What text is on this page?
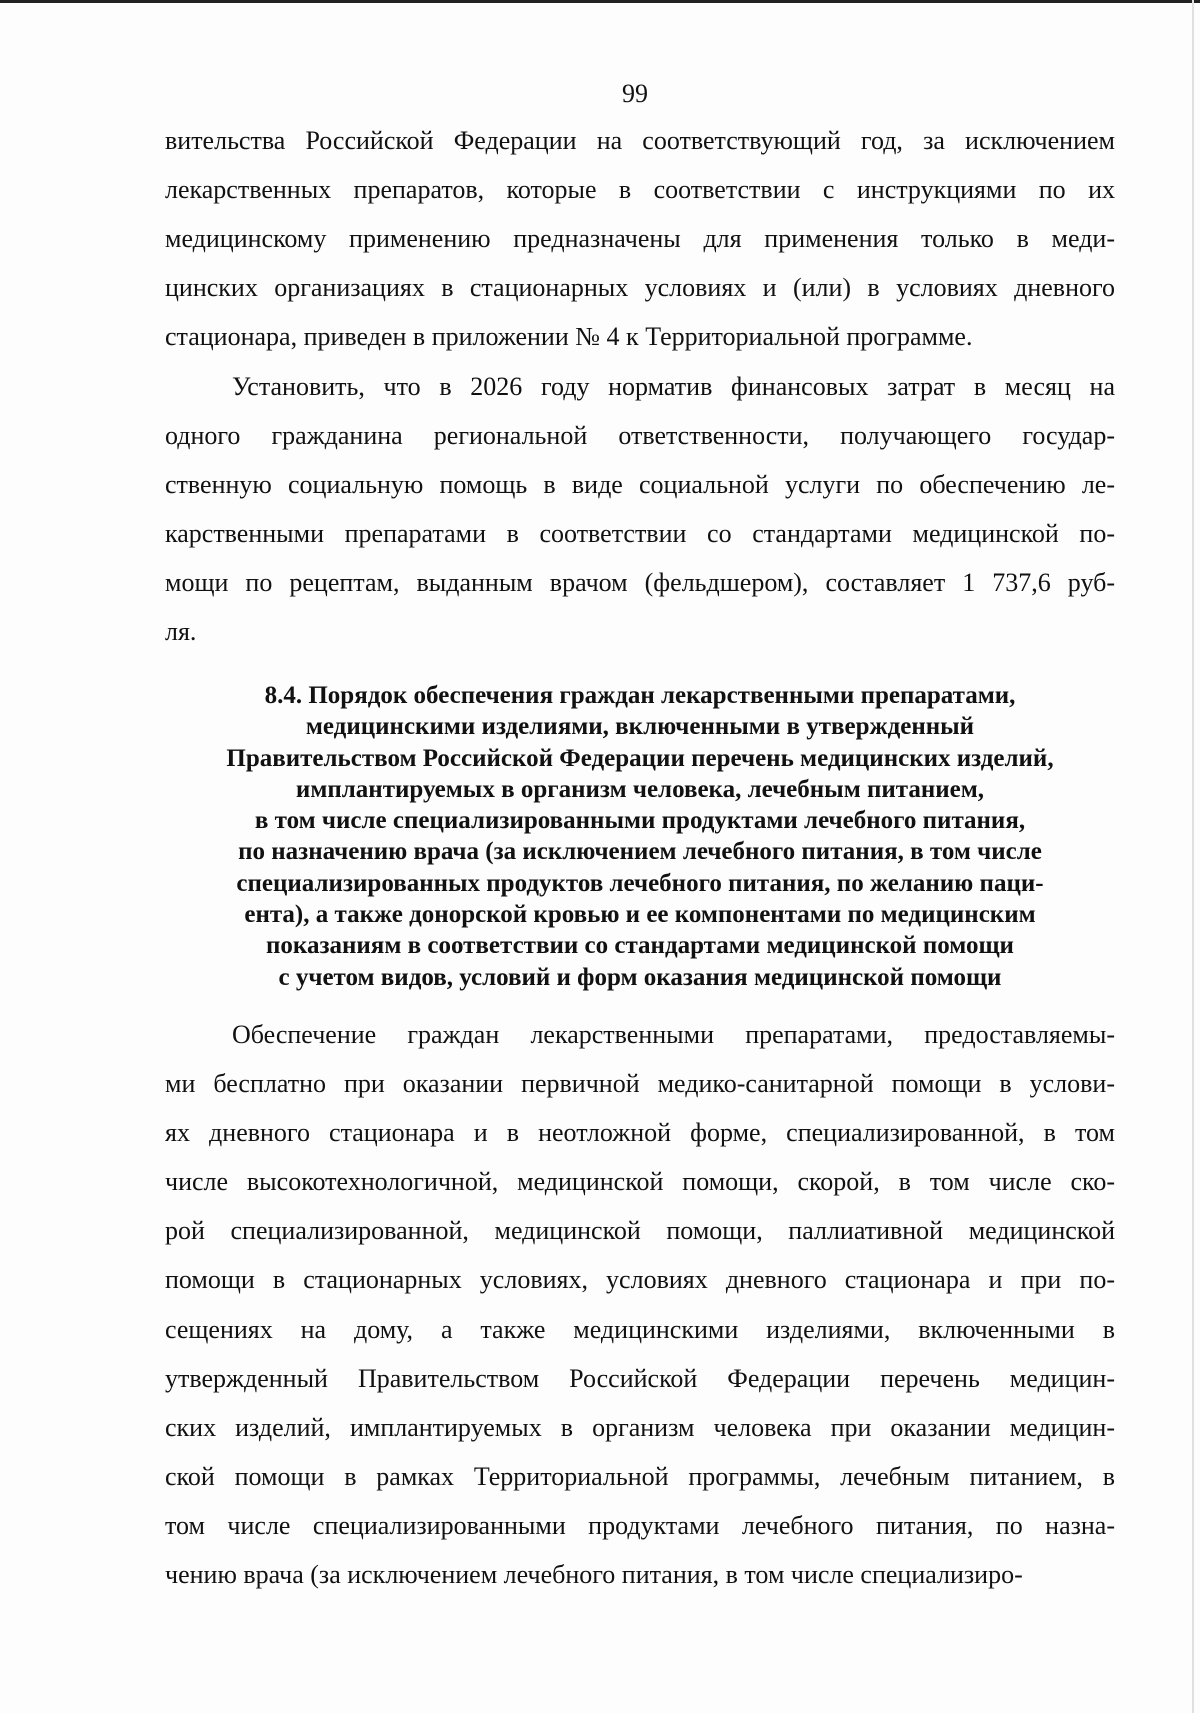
99
вительства Российской Федерации на соответствующий год, за исключением
лекарственных препаратов, которые в соответствии с инструкциями по их
медицинскому применению предназначены для применения только в меди-
цинских организациях в стационарных условиях и (или) в условиях дневного
стационара, приведен в приложении № 4 к Территориальной программе.
Установить, что в 2026 году норматив финансовых затрат в месяц на
одного гражданина региональной ответственности, получающего государ-
ственную социальную помощь в виде социальной услуги по обеспечению ле-
карственными препаратами в соответствии со стандартами медицинской по-
мощи по рецептам, выданным врачом (фельдшером), составляет 1 737,6 руб-
ля.
8.4. Порядок обеспечения граждан лекарственными препаратами,
медицинскими изделиями, включенными в утвержденный
Правительством Российской Федерации перечень медицинских изделий,
имплантируемых в организм человека, лечебным питанием,
в том числе специализированными продуктами лечебного питания,
по назначению врача (за исключением лечебного питания, в том числе
специализированных продуктов лечебного питания, по желанию паци-
ента), а также донорской кровью и ее компонентами по медицинским
показаниям в соответствии со стандартами медицинской помощи
с учетом видов, условий и форм оказания медицинской помощи
Обеспечение граждан лекарственными препаратами, предоставляемы-
ми бесплатно при оказании первичной медико-санитарной помощи в услови-
ях дневного стационара и в неотложной форме, специализированной, в том
числе высокотехнологичной, медицинской помощи, скорой, в том числе ско-
рой специализированной, медицинской помощи, паллиативной медицинской
помощи в стационарных условиях, условиях дневного стационара и при по-
сещениях на дому, а также медицинскими изделиями, включенными в
утвержденный Правительством Российской Федерации перечень медицин-
ских изделий, имплантируемых в организм человека при оказании медицин-
ской помощи в рамках Территориальной программы, лечебным питанием, в
том числе специализированными продуктами лечебного питания, по назна-
чению врача (за исключением лечебного питания, в том числе специализиро-
